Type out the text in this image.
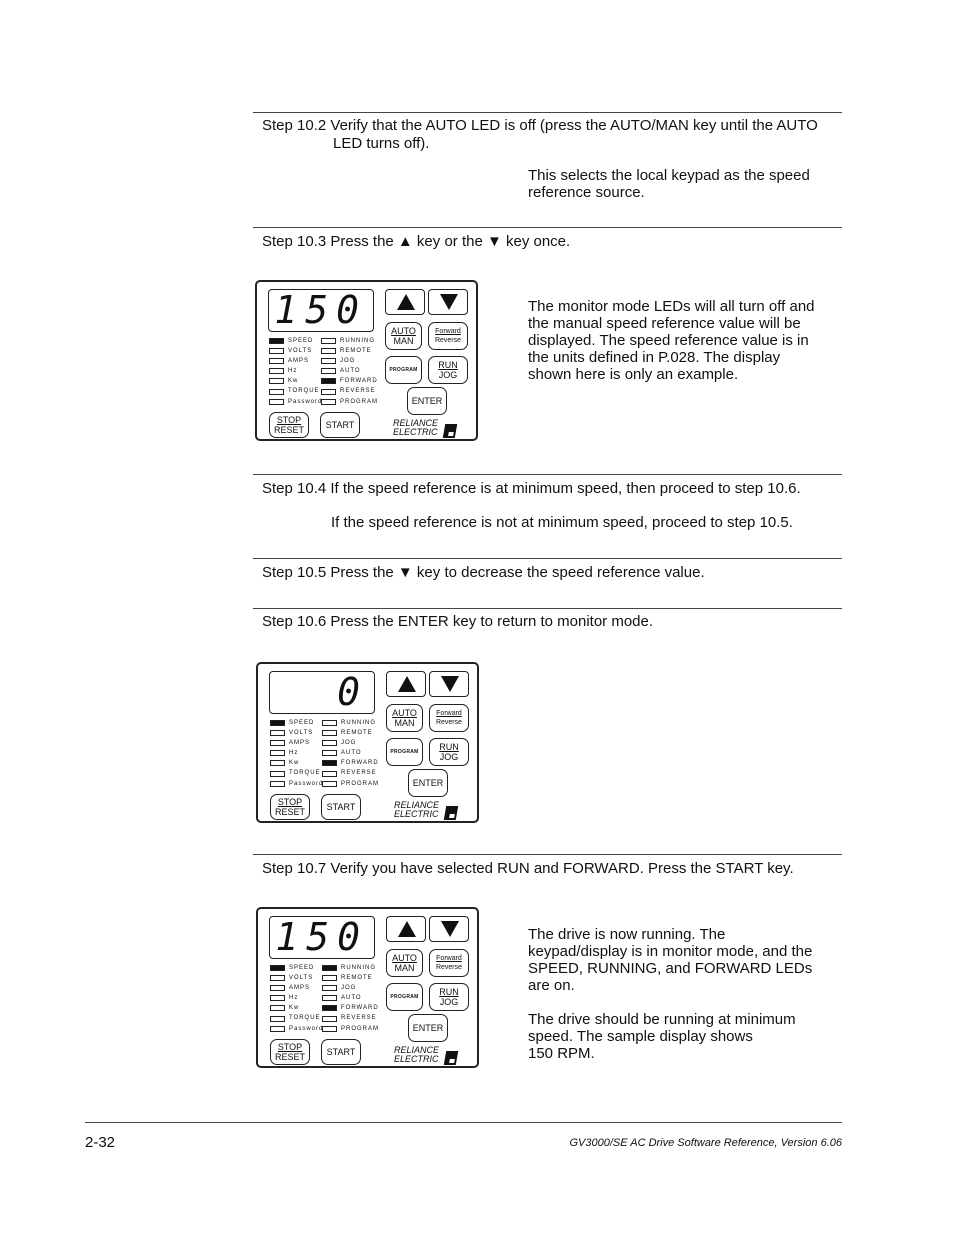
Step 10.2 Verify that the AUTO LED is off (press the AUTO/MAN key until the AUTO
LED turns off).
This selects the local keypad as the speed
reference source.
Step 10.3 Press the ▲ key or the ▼ key once.
The monitor mode LEDs will all turn off and
the manual speed reference value will be
displayed. The speed reference value is in
the units defined in P.028. The display
shown here is only an example.
Step 10.4 If the speed reference is at minimum speed, then proceed to step 10.6.
If the speed reference is not at minimum speed, proceed to step 10.5.
Step 10.5 Press the ▼ key to decrease the speed reference value.
Step 10.6 Press the ENTER key to return to monitor mode.
Step 10.7 Verify you have selected RUN and FORWARD. Press the START key.

The drive is now running. The
keypad/display is in monitor mode, and the
SPEED, RUNNING, and FORWARD LEDs
are on.

The drive should be running at minimum
speed. The sample display shows
150 RPM.

150
SPEED
VOLTS
AMPS
Hz
Kw
TORQUE
Password
RUNNING
REMOTE
JOG
AUTO
FORWARD
REVERSE
PROGRAM
AUTO
MAN
Forward
Reverse
PROGRAM	RUN
JOG
ENTER
STOP
RESET	START	RELIANCE
ELECTRIC
0
SPEED
VOLTS
AMPS
Hz
Kw
TORQUE
Password
RUNNING
REMOTE
JOG
AUTO
FORWARD
REVERSE
PROGRAM
AUTO
MAN
Forward
Reverse
PROGRAM	RUN
JOG
ENTER
STOP
RESET	START	RELIANCE
ELECTRIC
150
SPEED
VOLTS
AMPS
Hz
Kw
TORQUE
Password
RUNNING
REMOTE
JOG
AUTO
FORWARD
REVERSE
PROGRAM
AUTO
MAN
Forward
Reverse
PROGRAM	RUN
JOG
ENTER
STOP
RESET	START	RELIANCE
ELECTRIC
2-32	GV3000/SE AC Drive Software Reference, Version 6.06
